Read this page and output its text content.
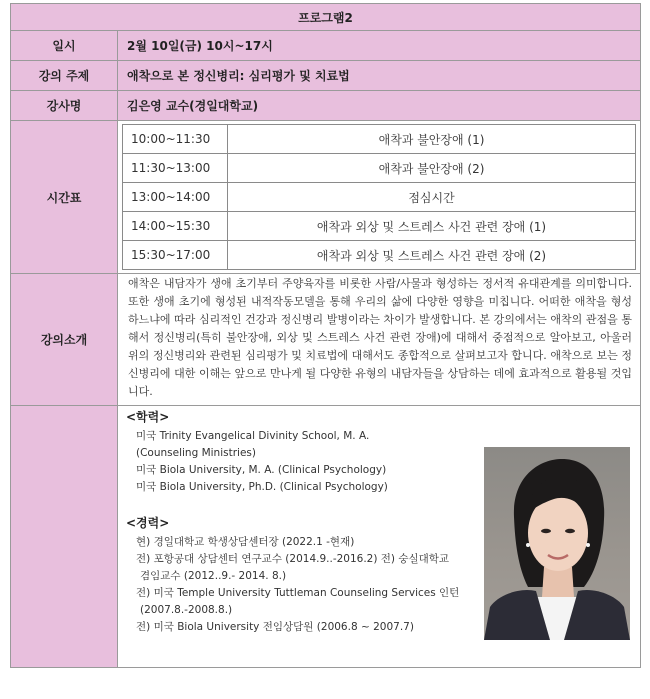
프로그램2
일시	2월 10일(금) 10시~17시
강의 주제	애착으로 본 정신병리: 심리평가 및 치료법
강사명	김은영 교수(경일대학교)
시간표	
10:00~11:30	애착과 불안장애 (1)
11:30~13:00	애착과 불안장애 (2)
13:00~14:00	점심시간
14:00~15:30	애착과 외상 및 스트레스 사건 관련 장애 (1)
15:30~17:00	애착과 외상 및 스트레스 사건 관련 장애 (2)

강의소개	애착은 내담자가 생애 초기부터 주양육자를 비롯한 사람/사물과 형성하는 정서적 유대관계를 의미합니다. 또한 생애 초기에 형성된 내적작동모델을 통해 우리의 삶에 다양한 영향을 미칩니다. 어떠한 애착을 형성하느냐에 따라 심리적인 건강과 정신병리 발병이라는 차이가 발생합니다. 본 강의에서는 애착의 관점을 통해서 정신병리(특히 불안장애, 외상 및 스트레스 사건 관련 장애)에 대해서 중점적으로 알아보고, 아울러 위의 정신병리와 관련된 심리평가 및 치료법에 대해서도 종합적으로 살펴보고자 합니다. 애착으로 보는 정신병리에 대한 이해는 앞으로 만나게 될 다양한 유형의 내담자들을 상담하는 데에 효과적으로 활용될 것입니다.

<학력>
미국 Trinity Evangelical Divinity School, M. A.
(Counseling Ministries)
미국 Biola University, M. A. (Clinical Psychology)
미국 Biola University, Ph.D. (Clinical Psychology)
<경력>
현) 경일대학교 학생상담센터장 (2022.1 -현재)
전) 포항공대 상담센터 연구교수 (2014.9..-2016.2) 전) 숭실대학교
겸임교수 (2012..9.- 2014. 8.)
전) 미국 Temple University Tuttleman Counseling Services 인턴
(2007.8.-2008.8.)
전) 미국 Biola University 전임상담원 (2006.8 ~ 2007.7)
